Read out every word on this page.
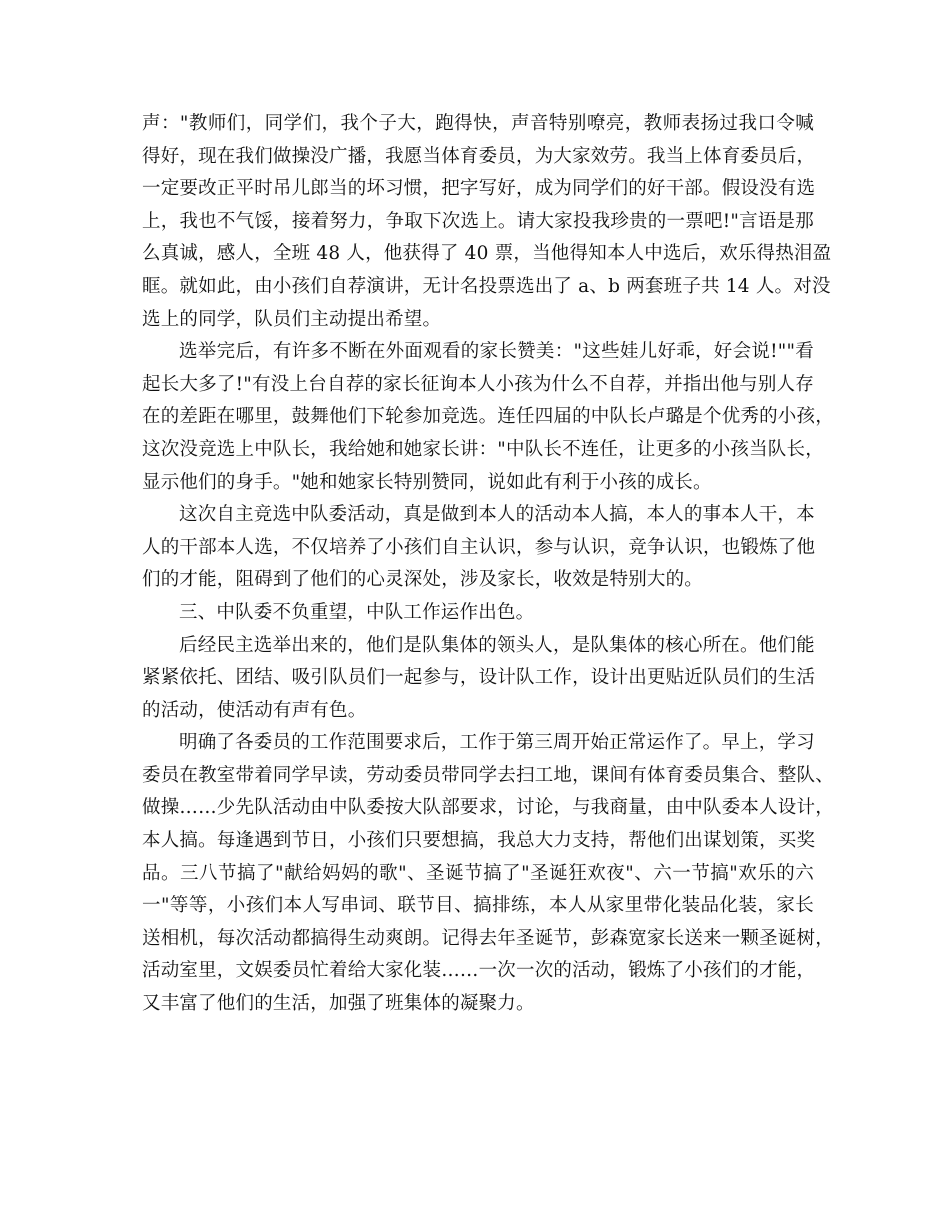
声："教师们，同学们，我个子大，跑得快，声音特别嘹亮，教师表扬过我口令喊
得好，现在我们做操没广播，我愿当体育委员，为大家效劳。我当上体育委员后，
一定要改正平时吊儿郎当的坏习惯，把字写好，成为同学们的好干部。假设没有选
上，我也不气馁，接着努力，争取下次选上。请大家投我珍贵的一票吧!"言语是那
么真诚，感人，全班 48 人，他获得了 40 票，当他得知本人中选后，欢乐得热泪盈
眶。就如此，由小孩们自荐演讲，无计名投票选出了 a、b 两套班子共 14 人。对没
选上的同学，队员们主动提出希望。
选举完后，有许多不断在外面观看的家长赞美："这些娃儿好乖，好会说!""看
起长大多了!"有没上台自荐的家长征询本人小孩为什么不自荐，并指出他与别人存
在的差距在哪里，鼓舞他们下轮参加竞选。连任四届的中队长卢璐是个优秀的小孩，
这次没竞选上中队长，我给她和她家长讲："中队长不连任，让更多的小孩当队长，
显示他们的身手。"她和她家长特别赞同，说如此有利于小孩的成长。
这次自主竞选中队委活动，真是做到本人的活动本人搞，本人的事本人干，本
人的干部本人选，不仅培养了小孩们自主认识，参与认识，竞争认识，也锻炼了他
们的才能，阻碍到了他们的心灵深处，涉及家长，收效是特别大的。
三、中队委不负重望，中队工作运作出色。
后经民主选举出来的，他们是队集体的领头人，是队集体的核心所在。他们能
紧紧依托、团结、吸引队员们一起参与，设计队工作，设计出更贴近队员们的生活
的活动，使活动有声有色。
明确了各委员的工作范围要求后，工作于第三周开始正常运作了。早上，学习
委员在教室带着同学早读，劳动委员带同学去扫工地，课间有体育委员集合、整队、
做操……少先队活动由中队委按大队部要求，讨论，与我商量，由中队委本人设计，
本人搞。每逢遇到节日，小孩们只要想搞，我总大力支持，帮他们出谋划策，买奖
品。三八节搞了"献给妈妈的歌"、圣诞节搞了"圣诞狂欢夜"、六一节搞"欢乐的六
一"等等，小孩们本人写串词、联节目、搞排练，本人从家里带化装品化装，家长
送相机，每次活动都搞得生动爽朗。记得去年圣诞节，彭森宽家长送来一颗圣诞树，
活动室里，文娱委员忙着给大家化装……一次一次的活动，锻炼了小孩们的才能，
又丰富了他们的生活，加强了班集体的凝聚力。
